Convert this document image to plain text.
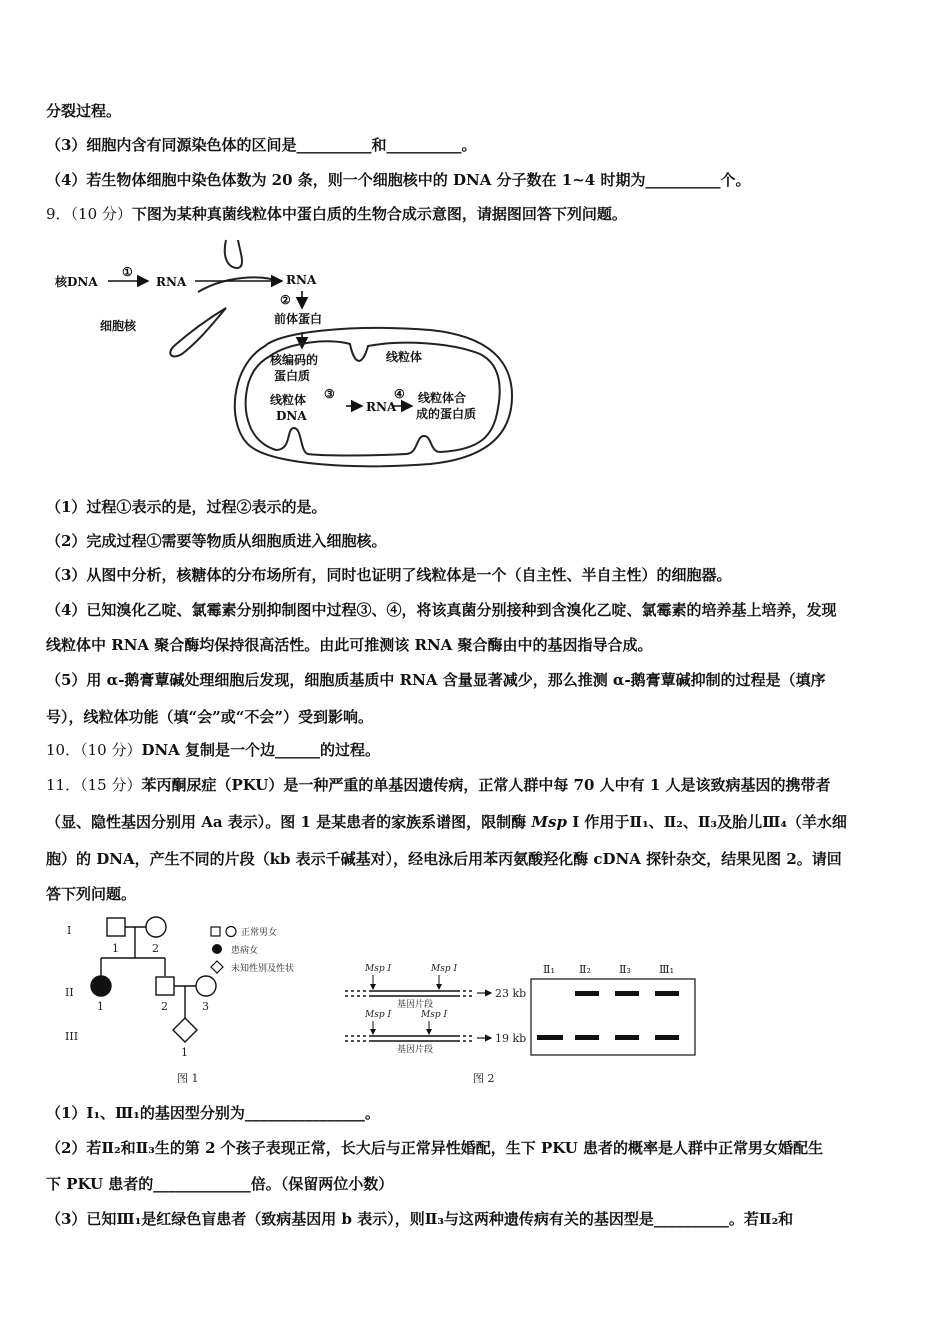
分裂过程。
（3）细胞内含有同源染色体的区间是__________和__________。
（4）若生物体细胞中染色体数为 20 条，则一个细胞核中的 DNA 分子数在 1~4 时期为__________个。
9．（10 分）下图为某种真菌线粒体中蛋白质的生物合成示意图，请据图回答下列问题。
核DNA
①
RNA	RNA
②
前体蛋白
细胞核
核编码的
蛋白质
线粒体
线粒体
DNA
③
RNA
④ 线粒体合
成的蛋白质
（1）过程①表示的是，过程②表示的是。
（2）完成过程①需要等物质从细胞质进入细胞核。
（3）从图中分析，核糖体的分布场所有，同时也证明了线粒体是一个（自主性、半自主性）的细胞器。
（4）已知溴化乙啶、氯霉素分别抑制图中过程③、④，将该真菌分别接种到含溴化乙啶、氯霉素的培养基上培养，发现
线粒体中 RNA 聚合酶均保持很高活性。由此可推测该 RNA 聚合酶由中的基因指导合成。
（5）用 α-鹅膏蕈碱处理细胞后发现，细胞质基质中 RNA 含量显著减少，那么推测 α-鹅膏蕈碱抑制的过程是（填序
号），线粒体功能（填“会”或“不会”）受到影响。
10．（10 分）DNA 复制是一个边______的过程。
11．（15 分）苯丙酮尿症（PKU）是一种严重的单基因遗传病，正常人群中每 70 人中有 1 人是该致病基因的携带者
（显、隐性基因分别用 Aa 表示）。图 1 是某患者的家族系谱图，限制酶 Msp I 作用于Ⅱ₁、Ⅱ₂、Ⅱ₃及胎儿Ⅲ₄（羊水细
胞）的 DNA，产生不同的片段（kb 表示千碱基对），经电泳后用苯丙氨酸羟化酶 cDNA 探针杂交，结果见图 2。请回
答下列问题。
I
II
III
1	2
1	2	3
1
正常男女
患病女
未知性别及性状
图 1
Msp I	Msp I
基因片段
23 kb
Msp I	Msp I
基因片段
19 kb
Ⅱ₁ Ⅱ₂	Ⅱ₃	Ⅲ₁
图 2
（1）I₁、Ⅲ₁的基因型分别为________________。
（2）若Ⅱ₂和Ⅱ₃生的第 2 个孩子表现正常，长大后与正常异性婚配，生下 PKU 患者的概率是人群中正常男女婚配生
下 PKU 患者的_____________倍。（保留两位小数）
（3）已知Ⅲ₁是红绿色盲患者（致病基因用 b 表示），则Ⅱ₃与这两种遗传病有关的基因型是__________。若Ⅱ₂和
